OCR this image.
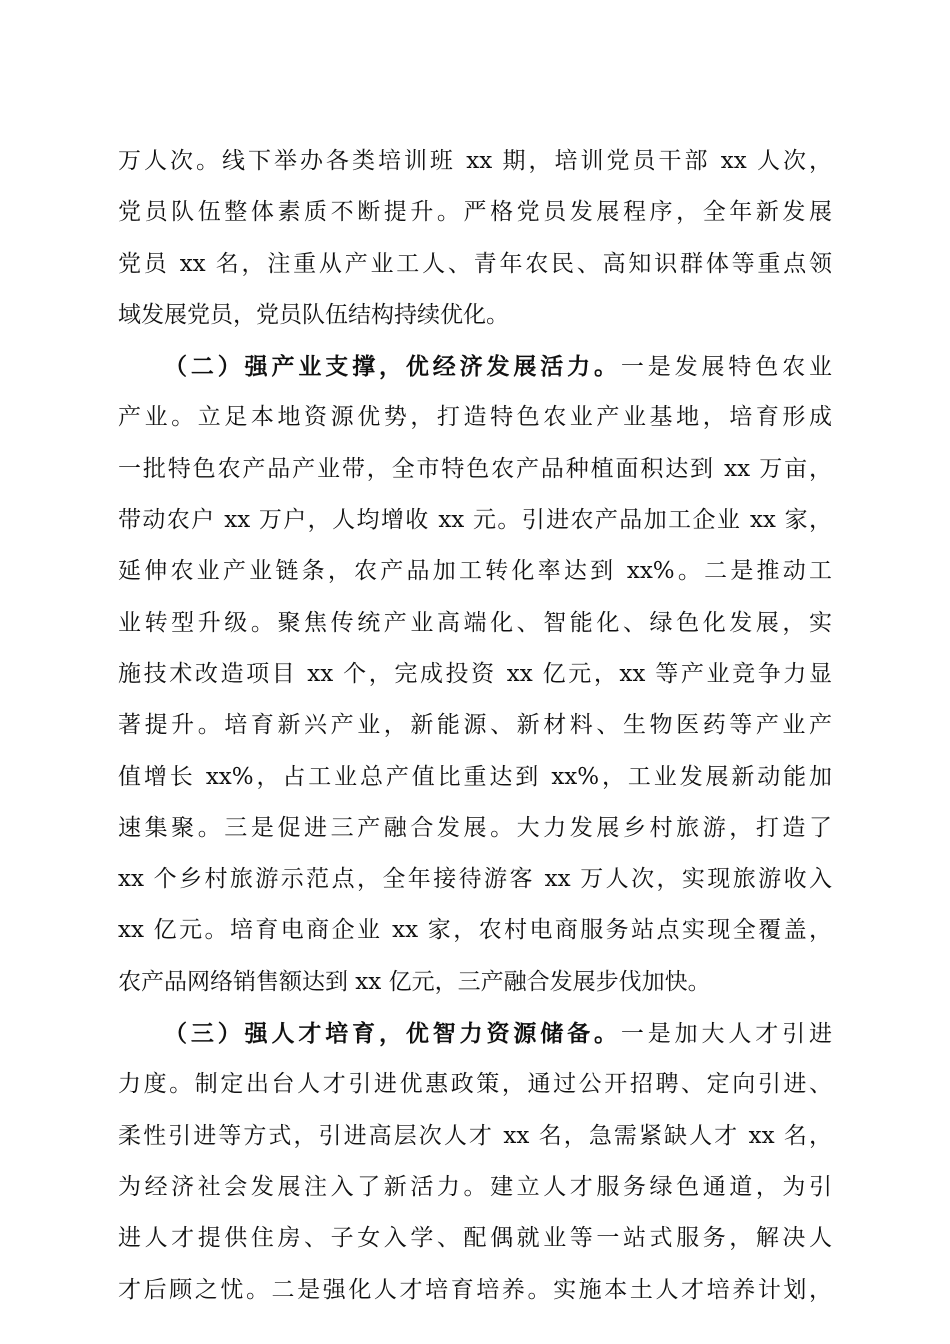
万人次。线下举办各类培训班 xx 期，培训党员干部 xx 人次，
党员队伍整体素质不断提升。严格党员发展程序，全年新发展
党员 xx 名，注重从产业工人、青年农民、高知识群体等重点领
域发展党员，党员队伍结构持续优化。
（二）强产业支撑，优经济发展活力。一是发展特色农业
产业。立足本地资源优势，打造特色农业产业基地，培育形成
一批特色农产品产业带，全市特色农产品种植面积达到 xx 万亩，
带动农户 xx 万户，人均增收 xx 元。引进农产品加工企业 xx 家，
延伸农业产业链条，农产品加工转化率达到 xx%。二是推动工
业转型升级。聚焦传统产业高端化、智能化、绿色化发展，实
施技术改造项目 xx 个，完成投资 xx 亿元，xx 等产业竞争力显
著提升。培育新兴产业，新能源、新材料、生物医药等产业产
值增长 xx%，占工业总产值比重达到 xx%，工业发展新动能加
速集聚。三是促进三产融合发展。大力发展乡村旅游，打造了
xx 个乡村旅游示范点，全年接待游客 xx 万人次，实现旅游收入
xx 亿元。培育电商企业 xx 家，农村电商服务站点实现全覆盖，
农产品网络销售额达到 xx 亿元，三产融合发展步伐加快。
（三）强人才培育，优智力资源储备。一是加大人才引进
力度。制定出台人才引进优惠政策，通过公开招聘、定向引进、
柔性引进等方式，引进高层次人才 xx 名，急需紧缺人才 xx 名，
为经济社会发展注入了新活力。建立人才服务绿色通道，为引
进人才提供住房、子女入学、配偶就业等一站式服务，解决人
才后顾之忧。二是强化人才培育培养。实施本土人才培养计划，
